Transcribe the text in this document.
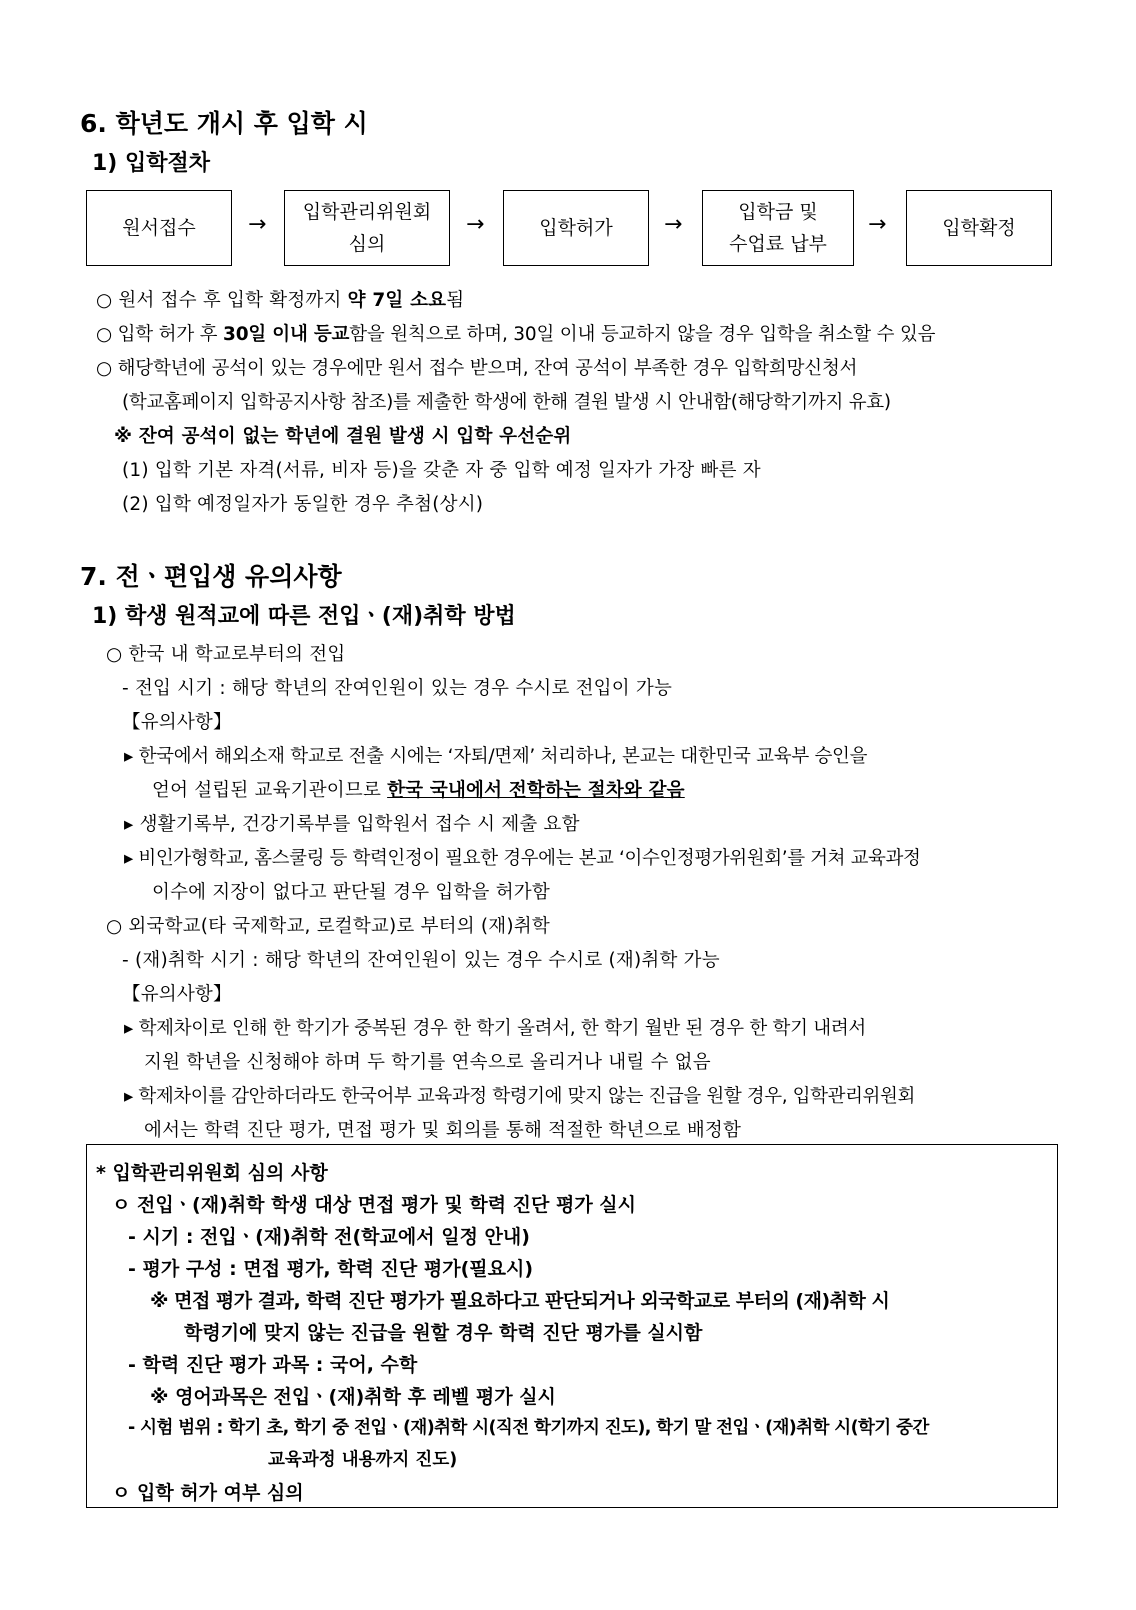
6. 학년도 개시 후 입학 시
1) 입학절차
원서접수 → 입학관리위원회
심의
→	입학허가 →	입학금 및
수업료 납부
→	입학확정
○ 원서 접수 후 입학 확정까지 약 7일 소요됨
○ 입학 허가 후 30일 이내 등교함을 원칙으로 하며, 30일 이내 등교하지 않을 경우 입학을 취소할 수 있음
○ 해당학년에 공석이 있는 경우에만 원서 접수 받으며, 잔여 공석이 부족한 경우 입학희망신청서
(학교홈페이지 입학공지사항 참조)를 제출한 학생에 한해 결원 발생 시 안내함(해당학기까지 유효)
※ 잔여 공석이 없는 학년에 결원 발생 시 입학 우선순위
(1) 입학 기본 자격(서류, 비자 등)을 갖춘 자 중 입학 예정 일자가 가장 빠른 자
(2) 입학 예정일자가 동일한 경우 추첨(상시)
7. 전ㆍ편입생 유의사항
1) 학생 원적교에 따른 전입ㆍ(재)취학 방법
○ 한국 내 학교로부터의 전입
- 전입 시기 : 해당 학년의 잔여인원이 있는 경우 수시로 전입이 가능
【유의사항】
▸ 한국에서 해외소재 학교로 전출 시에는 ‘자퇴/면제’ 처리하나, 본교는 대한민국 교육부 승인을
얻어 설립된 교육기관이므로 한국 국내에서 전학하는 절차와 같음
▸ 생활기록부, 건강기록부를 입학원서 접수 시 제출 요함
▸ 비인가형학교, 홈스쿨링 등 학력인정이 필요한 경우에는 본교 ‘이수인정평가위원회’를 거쳐 교육과정
이수에 지장이 없다고 판단될 경우 입학을 허가함
○ 외국학교(타 국제학교, 로컬학교)로 부터의 (재)취학
- (재)취학 시기 : 해당 학년의 잔여인원이 있는 경우 수시로 (재)취학 가능
【유의사항】
▸ 학제차이로 인해 한 학기가 중복된 경우 한 학기 올려서, 한 학기 월반 된 경우 한 학기 내려서
지원 학년을 신청해야 하며 두 학기를 연속으로 올리거나 내릴 수 없음
▸ 학제차이를 감안하더라도 한국어부 교육과정 학령기에 맞지 않는 진급을 원할 경우, 입학관리위원회
에서는 학력 진단 평가, 면접 평가 및 회의를 통해 적절한 학년으로 배정함
* 입학관리위원회 심의 사항
ㅇ 전입ㆍ(재)취학 학생 대상 면접 평가 및 학력 진단 평가 실시
- 시기 : 전입ㆍ(재)취학 전(학교에서 일정 안내)
- 평가 구성 : 면접 평가, 학력 진단 평가(필요시)
※ 면접 평가 결과, 학력 진단 평가가 필요하다고 판단되거나 외국학교로 부터의 (재)취학 시
학령기에 맞지 않는 진급을 원할 경우 학력 진단 평가를 실시함
- 학력 진단 평가 과목 : 국어, 수학
※ 영어과목은 전입ㆍ(재)취학 후 레벨 평가 실시
- 시험 범위 : 학기 초, 학기 중 전입ㆍ(재)취학 시(직전 학기까지 진도), 학기 말 전입ㆍ(재)취학 시(학기 중간
교육과정 내용까지 진도)
ㅇ 입학 허가 여부 심의
